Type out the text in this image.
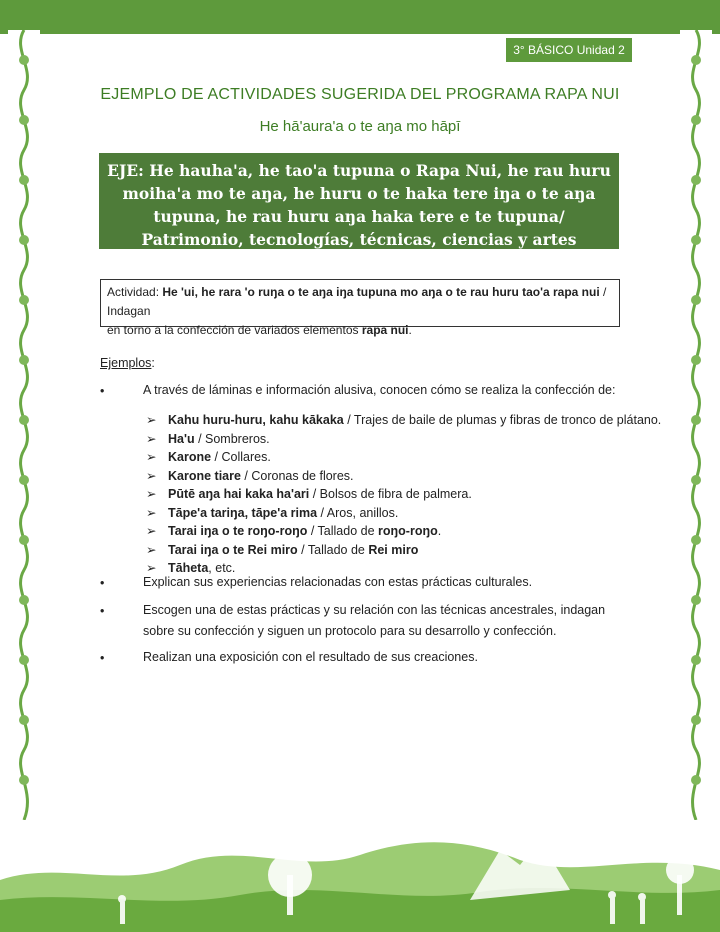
3° BÁSICO Unidad 2
EJEMPLO DE ACTIVIDADES SUGERIDA DEL PROGRAMA RAPA NUI
He hā'aura'a o te aŋa mo hāpī
EJE: He hauha'a, he tao'a tupuna o Rapa Nui, he rau huru moiha'a mo te aŋa, he huru o te haka tere iŋa o te aŋa tupuna, he rau huru aŋa haka tere e te tupuna/ Patrimonio, tecnologías, técnicas, ciencias y artes ancestrales.
Actividad: He 'ui, he rara 'o ruŋa o te aŋa iŋa tupuna mo aŋa o te rau huru tao'a rapa nui / Indagan
en torno a la confección de variados elementos rapa nui.
Ejemplos:
•	A través de láminas e información alusiva, conocen cómo se realiza la confección de:
➢ Kahu huru-huru, kahu kākaka / Trajes de baile de plumas y fibras de tronco de plátano.
➢ Ha'u / Sombreros.
➢ Karone / Collares.
➢ Karone tiare / Coronas de flores.
➢ Pūtē aŋa hai kaka ha'ari / Bolsos de fibra de palmera.
➢ Tāpe'a tariŋa, tāpe'a rima / Aros, anillos.
➢ Tarai iŋa o te roŋo-roŋo / Tallado de roŋo-roŋo.
➢ Tarai iŋa o te Rei miro / Tallado de Rei miro
➢ Tāheta, etc.
•	Explican sus experiencias relacionadas con estas prácticas culturales.
•	Escogen una de estas prácticas y su relación con las técnicas ancestrales, indagan sobre su confección y siguen un protocolo para su desarrollo y confección.
•	Realizan una exposición con el resultado de sus creaciones.
